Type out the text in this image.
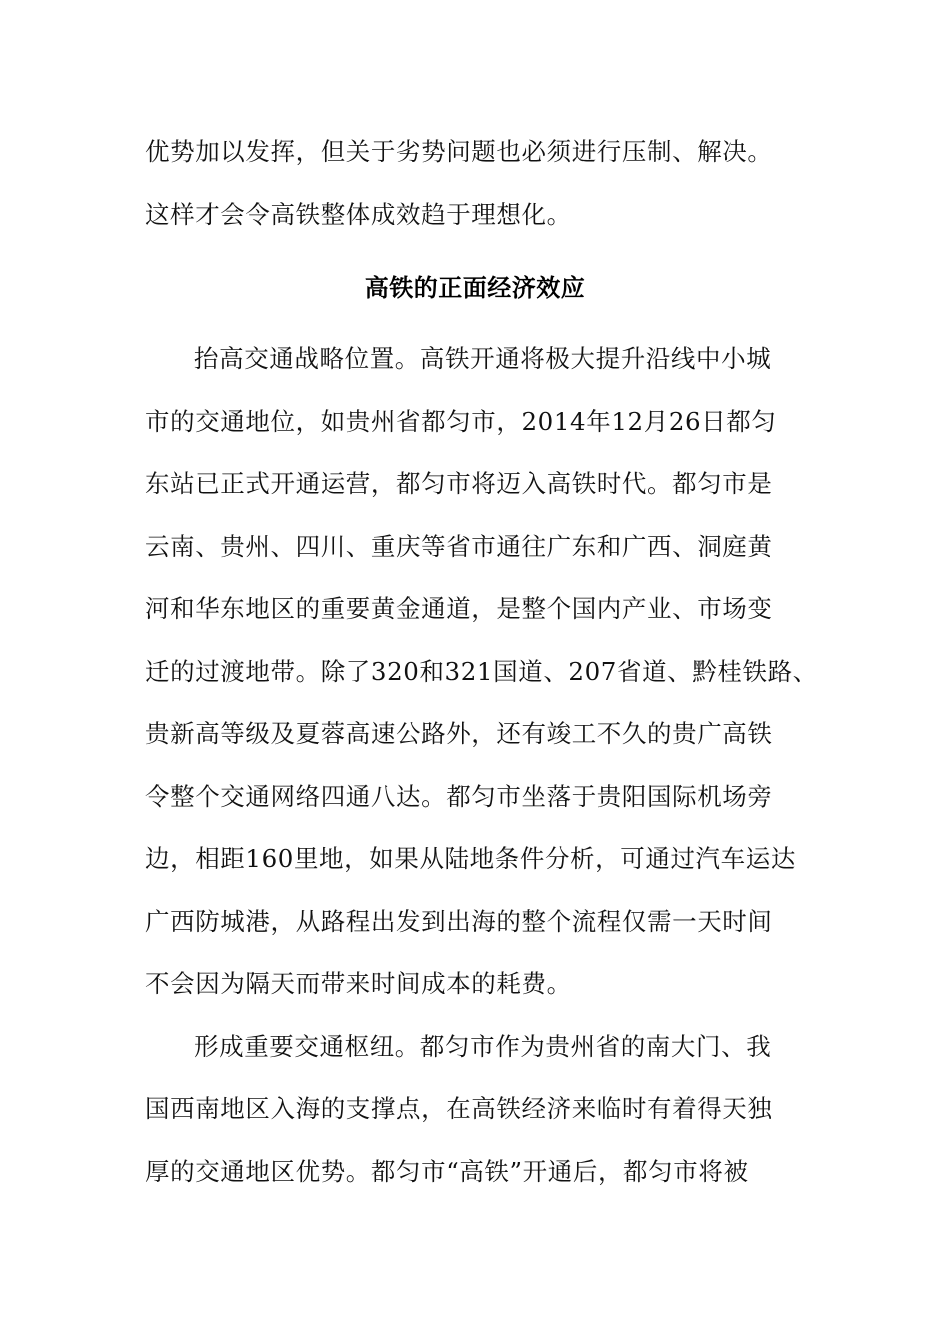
优势加以发挥，但关于劣势问题也必须进行压制、解决。
这样才会令高铁整体成效趋于理想化。
高铁的正面经济效应
抬高交通战略位置。高铁开通将极大提升沿线中小城
市的交通地位，如贵州省都匀市，2014年12月26日都匀
东站已正式开通运营，都匀市将迈入高铁时代。都匀市是
云南、贵州、四川、重庆等省市通往广东和广西、洞庭黄
河和华东地区的重要黄金通道，是整个国内产业、市场变
迁的过渡地带。除了320和321国道、207省道、黔桂铁路、
贵新高等级及夏蓉高速公路外，还有竣工不久的贵广高铁
令整个交通网络四通八达。都匀市坐落于贵阳国际机场旁
边，相距160里地，如果从陆地条件分析，可通过汽车运达
广西防城港，从路程出发到出海的整个流程仅需一天时间
不会因为隔天而带来时间成本的耗费。
形成重要交通枢纽。都匀市作为贵州省的南大门、我
国西南地区入海的支撑点，在高铁经济来临时有着得天独
厚的交通地区优势。都匀市“高铁”开通后，都匀市将被
